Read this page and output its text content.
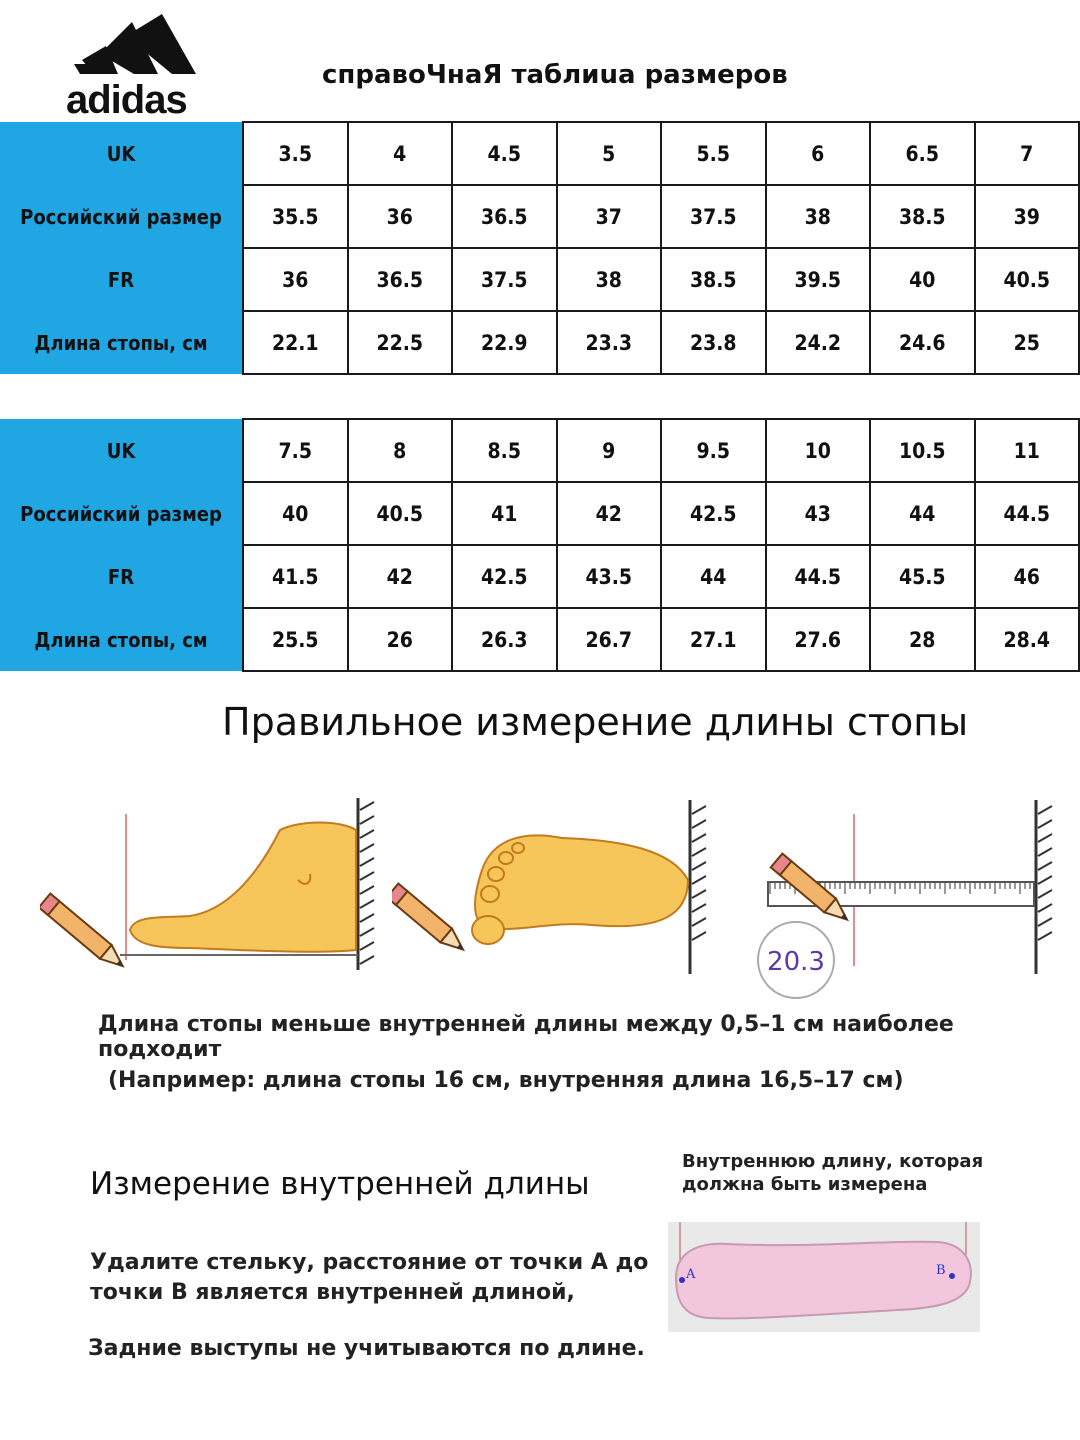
adidas
справоЧнаЯ таблиuа размеров
UK	3.5	4	4.5	5	5.5	6	6.5	7
Российский размер	35.5	36	36.5	37	37.5	38	38.5	39
FR	36	36.5	37.5	38	38.5	39.5	40	40.5
Длина стопы, см	22.1	22.5	22.9	23.3	23.8	24.2	24.6	25
UK	7.5	8	8.5	9	9.5	10	10.5	11
Российский размер	40	40.5	41	42	42.5	43	44	44.5
FR	41.5	42	42.5	43.5	44	44.5	45.5	46
Длина стопы, см	25.5	26	26.3	26.7	27.1	27.6	28	28.4
Правильное измерение длины стопы
20.3
Длина стопы меньше внутренней длины между 0,5–1 см наиболее подходит
(Например: длина стопы 16 см, внутренняя длина 16,5–17 см)
Измерение внутренней длины
Удалите стельку, расстояние от точки А до точки В является внутренней длиной,
Задние выступы не учитываются по длине.
Внутреннюю длину, которая должна быть измерена
A	B
